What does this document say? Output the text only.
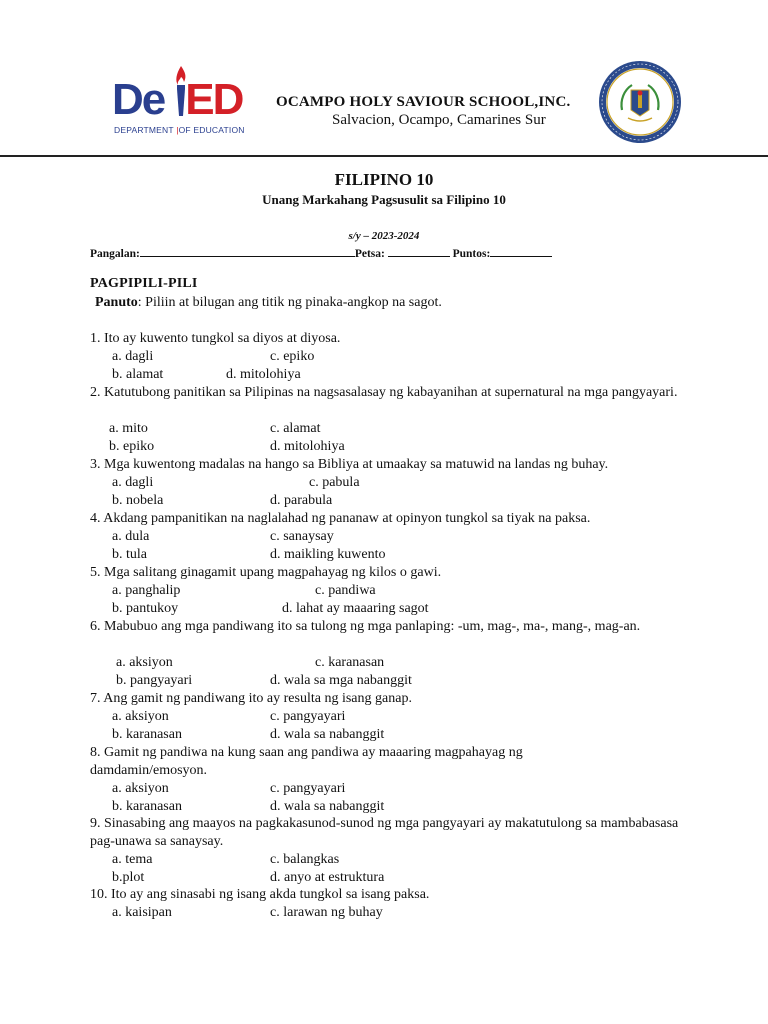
De ED
DEPARTMENT |OF EDUCATION
OCAMPO HOLY SAVIOUR SCHOOL,INC.
Salvacion, Ocampo, Camarines Sur
FILIPINO 10
Unang Markahang Pagsusulit sa Filipino 10
s/y – 2023-2024
Pangalan:	Petsa:	Puntos:
PAGPIPILI-PILI
Panuto: Piliin at bilugan ang titik ng pinaka-angkop na sagot.
1. Ito ay kuwento tungkol sa diyos at diyosa.
a. dagli	c. epiko
b. alamat	d. mitolohiya
2. Katutubong panitikan sa Pilipinas na nagsasalasay ng kabayanihan at supernatural na mga pangyayari.
a. mito	c. alamat
b. epiko	d. mitolohiya
3. Mga kuwentong madalas na hango sa Bibliya at umaakay sa matuwid na landas ng buhay.
a. dagli	c. pabula
b. nobela	d. parabula
4. Akdang pampanitikan na naglalahad ng pananaw at opinyon tungkol sa tiyak na paksa.
a. dula	c. sanaysay
b. tula	d. maikling kuwento
5. Mga salitang ginagamit upang magpahayag ng kilos o gawi.
a. panghalip	c. pandiwa
b. pantukoy	d. lahat ay maaaring sagot
6. Mabubuo ang mga pandiwang ito sa tulong ng mga panlaping: -um, mag-, ma-, mang-, mag-an.
a. aksiyon	c. karanasan
b. pangyayari	d. wala sa mga nabanggit
7. Ang gamit ng pandiwang ito ay resulta ng isang ganap.
a. aksiyon	c. pangyayari
b. karanasan	d. wala sa nabanggit
8. Gamit ng pandiwa na kung saan ang pandiwa ay maaaring magpahayag ng damdamin/emosyon.
a. aksiyon	c. pangyayari
b. karanasan	d. wala sa nabanggit
9. Sinasabing ang maayos na pagkakasunod-sunod ng mga pangyayari ay makatutulong sa mambabasasa pag-unawa sa sanaysay.
a. tema	c. balangkas
b.plot	d. anyo at estruktura
10. Ito ay ang sinasabi ng isang akda tungkol sa isang paksa.
a. kaisipan	c. larawan ng buhay
